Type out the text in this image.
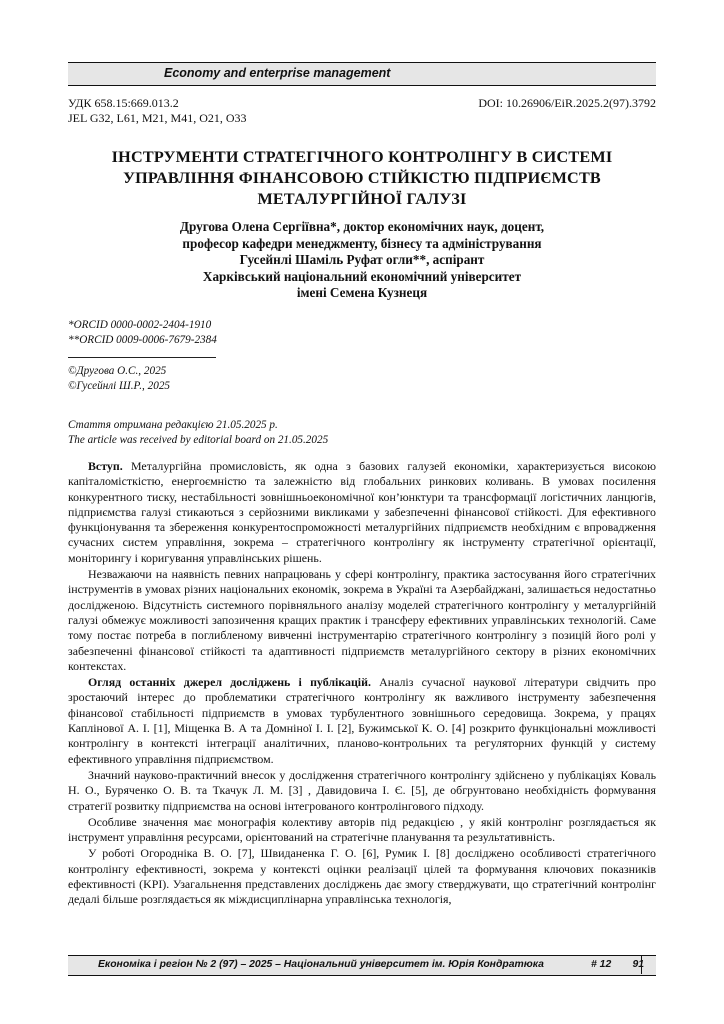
Economy and enterprise management
УДК 658.15:669.013.2
JEL G32, L61, M21, M41, O21, O33
DOI: 10.26906/EiR.2025.2(97).3792
ІНСТРУМЕНТИ СТРАТЕГІЧНОГО КОНТРОЛІНГУ В СИСТЕМІ
УПРАВЛІННЯ ФІНАНСОВОЮ СТІЙКІСТЮ ПІДПРИЄМСТВ
МЕТАЛУРГІЙНОЇ ГАЛУЗІ
Другова Олена Сергіївна*, доктор економічних наук, доцент,
професор кафедри менеджменту, бізнесу та адміністрування
Гусейнлі Шаміль Руфат огли**, аспірант
Харківський національний економічний університет
імені Семена Кузнеця
*ORCID 0000-0002-2404-1910
**ORCID 0009-0006-7679-2384
©Другова О.С., 2025
©Гусейнлі Ш.Р., 2025
Стаття отримана редакцією 21.05.2025 р.
The article was received by editorial board on 21.05.2025

Вступ. Металургійна промисловість, як одна з базових галузей економіки, характеризується високою капіталомісткістю, енергоємністю та залежністю від глобальних ринкових коливань. В умовах посилення конкурентного тиску, нестабільності зовнішньоекономічної кон’юнктури та трансформації логістичних ланцюгів, підприємства галузі стикаються з серйозними викликами у забезпеченні фінансової стійкості. Для ефективного функціонування та збереження конкурентоспроможності металургійних підприємств необхідним є впровадження сучасних систем управління, зокрема – стратегічного контролінгу як інструменту стратегічної орієнтації, моніторингу і коригування управлінських рішень.

Незважаючи на наявність певних напрацювань у сфері контролінгу, практика застосування його стратегічних інструментів в умовах різних національних економік, зокрема в Україні та Азербайджані, залишається недостатньо дослідженою. Відсутність системного порівняльного аналізу моделей стратегічного контролінгу у металургійній галузі обмежує можливості запозичення кращих практик і трансферу ефективних управлінських технологій. Саме тому постає потреба в поглибленому вивченні інструментарію стратегічного контролінгу з позицій його ролі у забезпеченні фінансової стійкості та адаптивності підприємств металургійного сектору в різних економічних контекстах.

Огляд останніх джерел досліджень і публікацій. Аналіз сучасної наукової літератури свідчить про зростаючий інтерес до проблематики стратегічного контролінгу як важливого інструменту забезпечення фінансової стабільності підприємств в умовах турбулентного зовнішнього середовища. Зокрема, у працях Каплінової А. І. [1], Міщенка В. А та Домніної І. І. [2], Бужимської К. О. [4] розкрито функціональні можливості контролінгу в контексті інтеграції аналітичних, планово-контрольних та регуляторних функцій у систему ефективного управління підприємством.

Значний науково-практичний внесок у дослідження стратегічного контролінгу здійснено у публікаціях Коваль Н. О., Буряченко О. В. та Ткачук Л. М. [3] , Давидовича І. Є. [5], де обгрунтовано необхідність формування стратегії розвитку підприємства на основі інтегрованого контролінгового підходу.

Особливе значення має монографія колективу авторів під редакцією , у якій контролінг розглядається як інструмент управління ресурсами, орієнтований на стратегічне планування та результативність.

У роботі Огороднiка В. О. [7], Швиданенка Г. О. [6], Румик І. [8] досліджено особливості стратегічного контролінгу ефективності, зокрема у контексті оцінки реалізації цілей та формування ключових показників ефективності (KPI). Узагальнення представлених досліджень дає змогу стверджувати, що стратегічний контролінг дедалі більше розглядається як міждисциплінарна управлінська технологія,

Економіка і регіон № 2 (97) – 2025 – Національний університет ім. Юрія Кондратюка	# 12 91
